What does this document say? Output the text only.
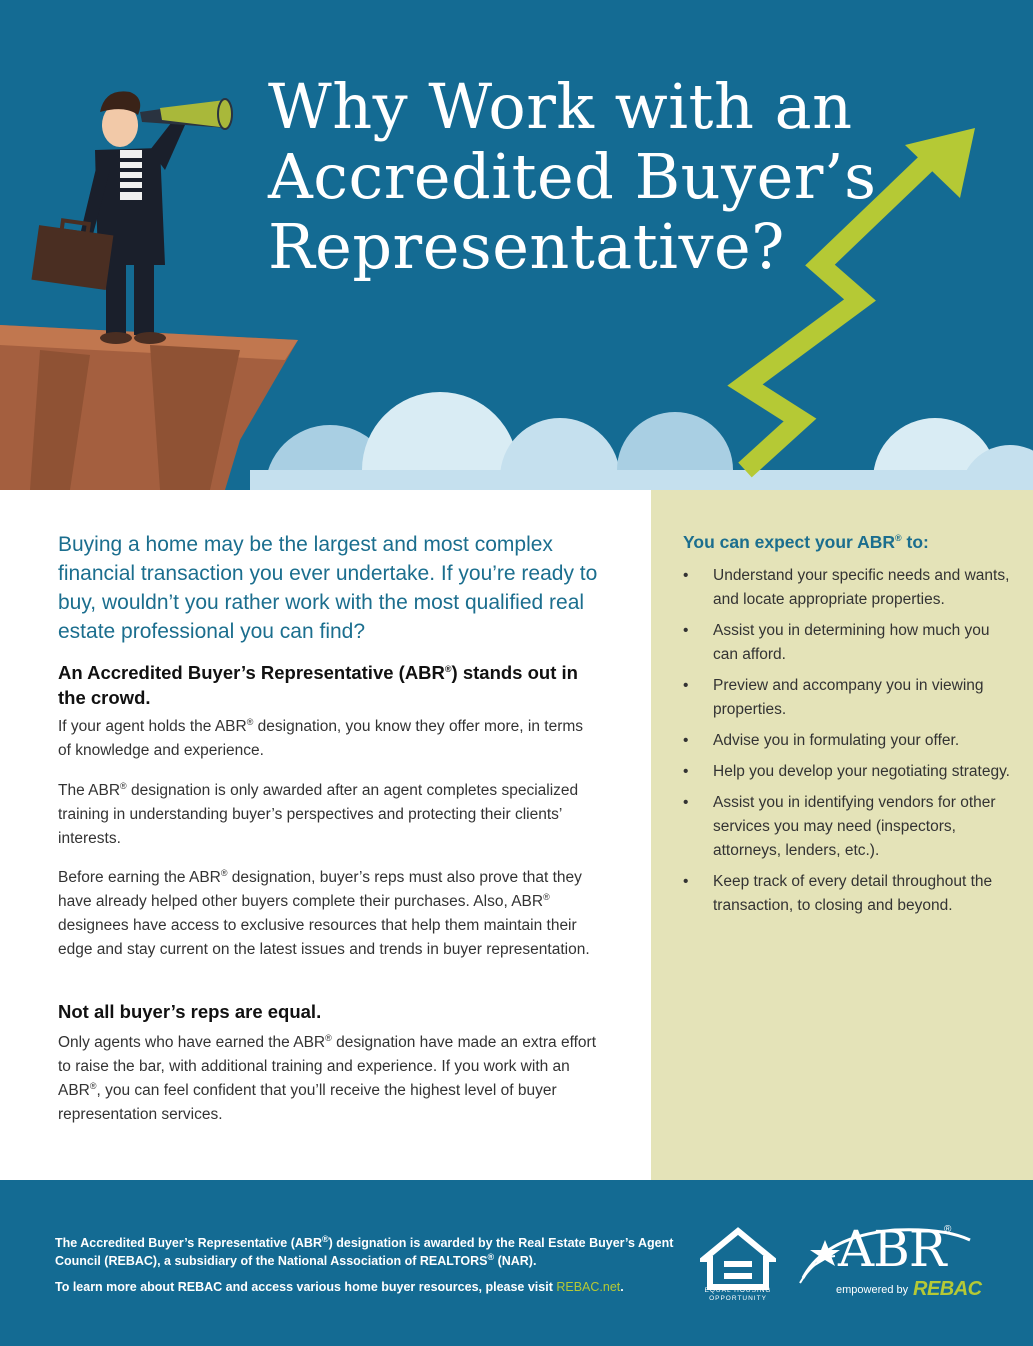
Why Work with an
Accredited Buyer’s
Representative?

Buying a home may be the largest and most complex financial transaction you ever undertake. If you’re ready to buy, wouldn’t you rather work with the most qualified real estate professional you can find?

An Accredited Buyer’s Representative (ABR®) stands out in the crowd.

If your agent holds the ABR® designation, you know they offer more, in terms of knowledge and experience.

The ABR® designation is only awarded after an agent completes specialized training in understanding buyer’s perspectives and protecting their clients’ interests.

Before earning the ABR® designation, buyer’s reps must also prove that they have already helped other buyers complete their purchases. Also, ABR® designees have access to exclusive resources that help them maintain their edge and stay current on the latest issues and trends in buyer representation.

Not all buyer’s reps are equal.

Only agents who have earned the ABR® designation have made an extra effort to raise the bar, with additional training and experience. If you work with an ABR®, you can feel confident that you’ll receive the highest level of buyer representation services.

You can expect your ABR® to:
• Understand your specific needs and wants, and locate appropriate properties.
• Assist you in determining how much you can afford.
• Preview and accompany you in viewing properties.
• Advise you in formulating your offer.
• Help you develop your negotiating strategy.
• Assist you in identifying vendors for other services you may need (inspectors, attorneys, lenders, etc.).
• Keep track of every detail throughout the transaction, to closing and beyond.

The Accredited Buyer’s Representative (ABR®) designation is awarded by the Real Estate Buyer’s Agent Council (REBAC), a subsidiary of the National Association of REALTORS® (NAR).

To learn more about REBAC and access various home buyer resources, please visit REBAC.net.	EQUAL HOUSING OPPORTUNITY
ABR
®
empowered by REBAC
